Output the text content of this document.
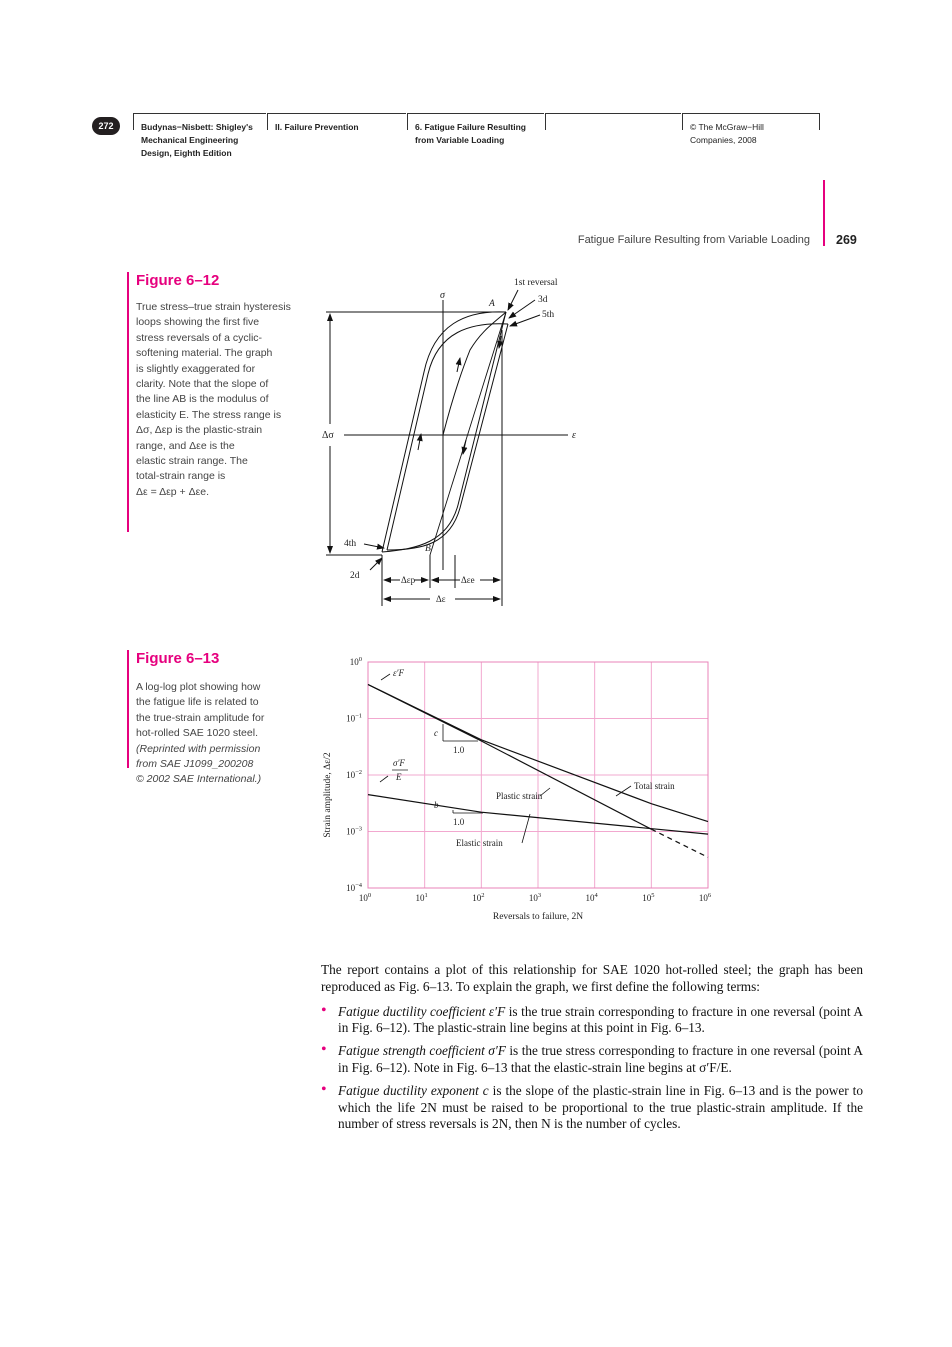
272	Budynas−Nisbett: Shigley's
Mechanical Engineering
Design, Eighth Edition
II. Failure Prevention	6. Fatigue Failure Resulting
from Variable Loading
© The McGraw−Hill
Companies, 2008
Fatigue Failure Resulting from Variable Loading 269
Figure 6–12
True stress–true strain hysteresis
loops showing the first five
stress reversals of a cyclic-
softening material. The graph
is slightly exaggerated for
clarity. Note that the slope of
the line AB is the modulus of
elasticity E. The stress range is
Δσ, Δεp is the plastic-strain
range, and Δεe is the
elastic strain range. The
total-strain range is
Δε = Δεp + Δεe.
σ
ε
Δσ
1st reversal
3d
5th
4th
2d
A
B
Δεp	Δεe
Δε
Figure 6–13
A log-log plot showing how
the fatigue life is related to
the true-strain amplitude for
hot-rolled SAE 1020 steel.
(Reprinted with permission
from SAE J1099_200208
© 2002 SAE International.)
$10^0$	$10^1$	$10^2$	$10^3$	$10^4$	$10^5$	$10^6$
$10^0$
$10^{-1}$
$10^{-2}$
$10^{-3}$
$10^{-4}$
Reversals to failure, 2N
Strain amplitude, Δε/2
ε′F
σ′F
E
c
1.0
b
1.0
Plastic strain
Elastic strain
Total strain

The report contains a plot of this relationship for SAE 1020 hot-rolled steel; the graph has been reproduced as Fig. 6–13. To explain the graph, we first define the following terms:

• Fatigue ductility coefficient ε′F is the true strain corresponding to fracture in one reversal (point A in Fig. 6–12). The plastic-strain line begins at this point in Fig. 6–13.
• Fatigue strength coefficient σ′F is the true stress corresponding to fracture in one reversal (point A in Fig. 6–12). Note in Fig. 6–13 that the elastic-strain line begins at σ′F/E.
• Fatigue ductility exponent c is the slope of the plastic-strain line in Fig. 6–13 and is the power to which the life 2N must be raised to be proportional to the true plastic-strain amplitude. If the number of stress reversals is 2N, then N is the number of cycles.
